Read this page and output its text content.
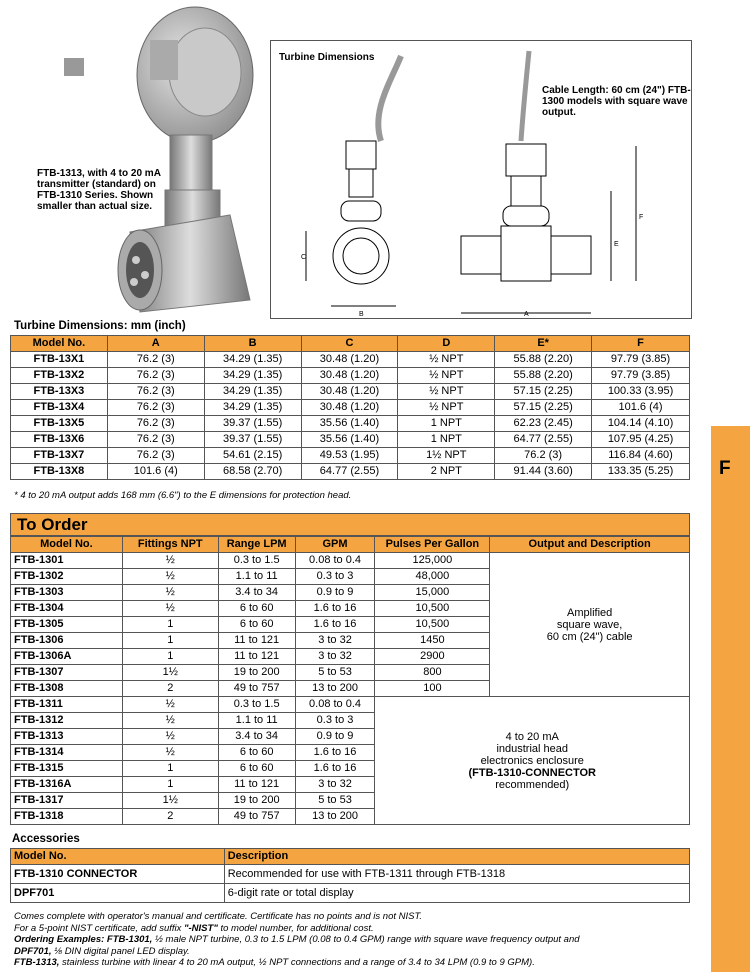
FTB-1313, with 4 to 20 mA transmitter (standard) on FTB-1310 Series. Shown smaller than actual size.
Turbine Dimensions
C
B	A
E
F
Cable Length: 60 cm (24") FTB-1300 models with square wave output.
Turbine Dimensions: mm (inch)
Model No.	A	B	C	D	E*	F
FTB-13X1	76.2 (3)	34.29 (1.35)	30.48 (1.20)	½ NPT	55.88 (2.20)	97.79 (3.85)
FTB-13X2	76.2 (3)	34.29 (1.35)	30.48 (1.20)	½ NPT	55.88 (2.20)	97.79 (3.85)
FTB-13X3	76.2 (3)	34.29 (1.35)	30.48 (1.20)	½ NPT	57.15 (2.25)	100.33 (3.95)
FTB-13X4	76.2 (3)	34.29 (1.35)	30.48 (1.20)	½ NPT	57.15 (2.25)	101.6 (4)
FTB-13X5	76.2 (3)	39.37 (1.55)	35.56 (1.40)	1 NPT	62.23 (2.45)	104.14 (4.10)
FTB-13X6	76.2 (3)	39.37 (1.55)	35.56 (1.40)	1 NPT	64.77 (2.55)	107.95 (4.25)
FTB-13X7	76.2 (3)	54.61 (2.15)	49.53 (1.95)	1½ NPT	76.2 (3)	116.84 (4.60)
FTB-13X8	101.6 (4)	68.58 (2.70)	64.77 (2.55)	2 NPT	91.44 (3.60)	133.35 (5.25)
* 4 to 20 mA output adds 168 mm (6.6") to the E dimensions for protection head.
To Order
Model No.	Fittings NPT	Range LPM	GPM	Pulses Per Gallon	Output and Description
FTB-1301	½	0.3 to 1.5	0.08 to 0.4	125,000	Amplified
square wave,
60 cm (24") cable

FTB-1302	½	1.1 to 11	0.3 to 3	48,000	
FTB-1303	½	3.4 to 34	0.9 to 9	15,000	
FTB-1304	½	6 to 60	1.6 to 16	10,500	
FTB-1305	1	6 to 60	1.6 to 16	10,500	
FTB-1306	1	11 to 121	3 to 32	1450	
FTB-1306A	1	11 to 121	3 to 32	2900	
FTB-1307	1½	19 to 200	5 to 53	800	
FTB-1308	2	49 to 757	13 to 200	100	
FTB-1311	½	0.3 to 1.5	0.08 to 0.4	4 to 20 mA
industrial head
electronics enclosure
(FTB-1310-CONNECTOR
recommended)	

FTB-1312	½	1.1 to 11	0.3 to 3		
FTB-1313	½	3.4 to 34	0.9 to 9		
FTB-1314	½	6 to 60	1.6 to 16		
FTB-1315	1	6 to 60	1.6 to 16		
FTB-1316A	1	11 to 121	3 to 32		
FTB-1317	1½	19 to 200	5 to 53		
FTB-1318	2	49 to 757	13 to 200		
Accessories
Model No.	Description
FTB-1310 CONNECTOR	Recommended for use with FTB-1311 through FTB-1318
DPF701	6-digit rate or total display
Comes complete with operator's manual and certificate. Certificate has no points and is not NIST.
For a 5-point NIST certificate, add suffix "-NIST" to model number, for additional cost.
Ordering Examples: FTB-1301, ½ male NPT turbine, 0.3 to 1.5 LPM (0.08 to 0.4 GPM) range with square wave frequency output and
DPF701, ⅛ DIN digital panel LED display.
FTB-1313, stainless turbine with linear 4 to 20 mA output, ½ NPT connections and a range of 3.4 to 34 LPM (0.9 to 9 GPM).
F
